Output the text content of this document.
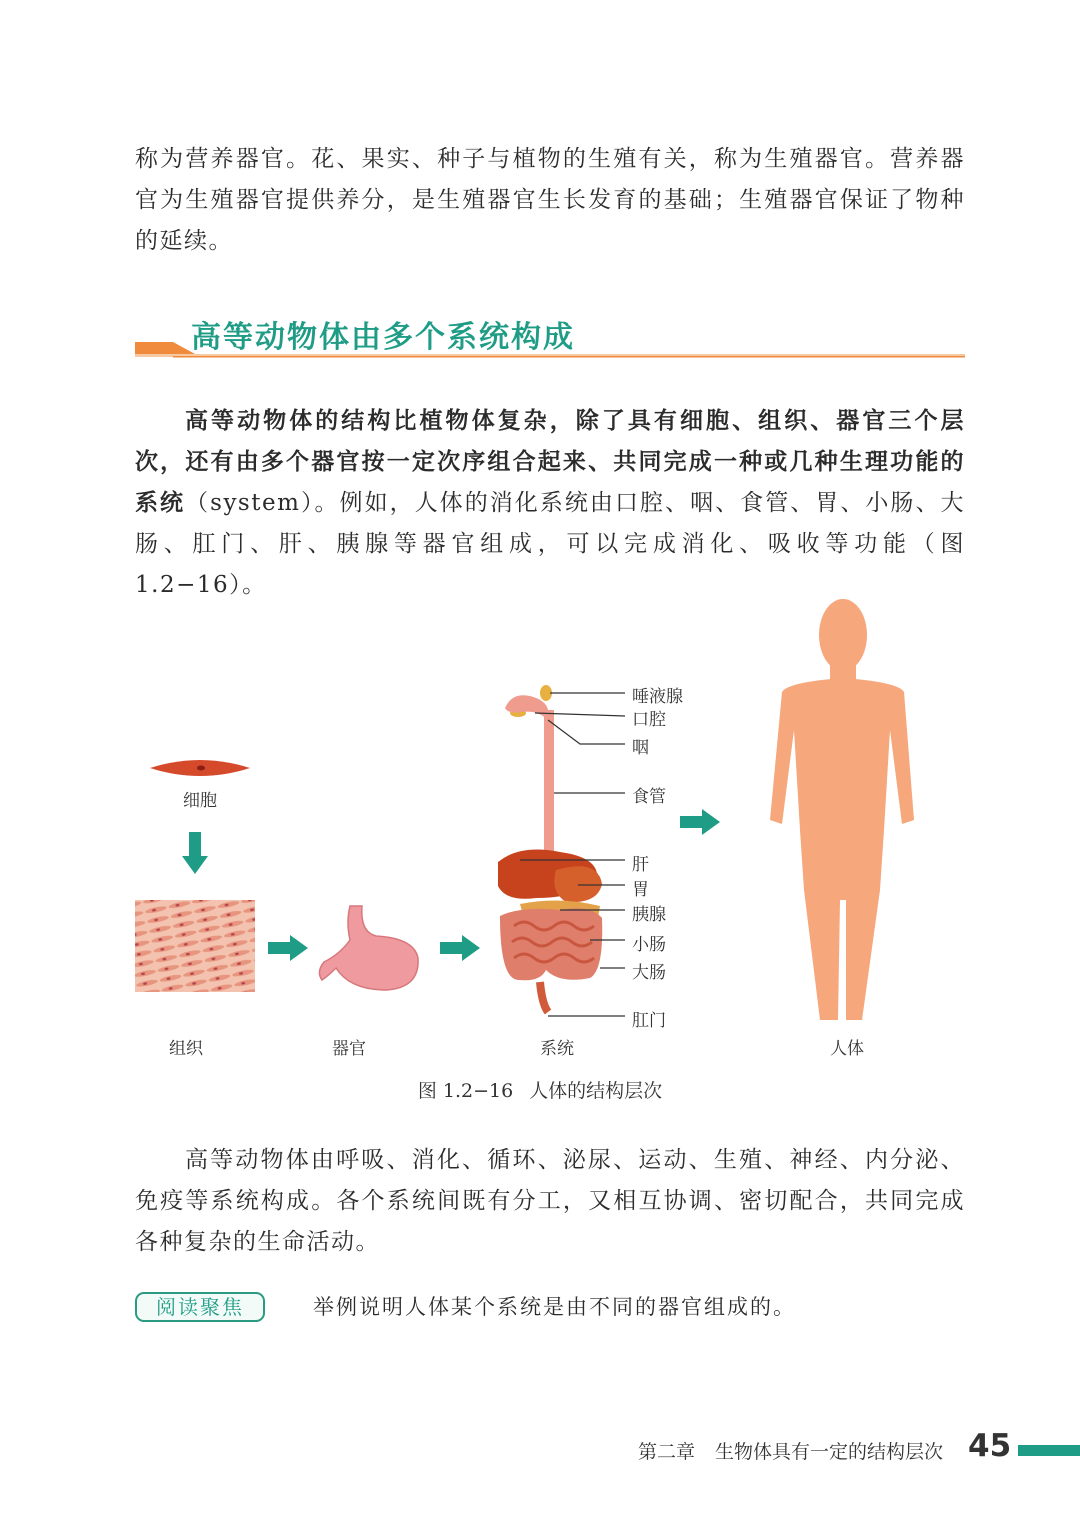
称为营养器官。花、果实、种子与植物的生殖有关，称为生殖器官。营养器官为生殖器官提供养分，是生殖器官生长发育的基础；生殖器官保证了物种的延续。

高等动物体由多个系统构成

高等动物体的结构比植物体复杂，除了具有细胞、组织、器官三个层次，还有由多个器官按一定次序组合起来、共同完成一种或几种生理功能的系统（system）。例如，人体的消化系统由口腔、咽、食管、胃、小肠、大肠、肛门、肝、胰腺等器官组成，可以完成消化、吸收等功能（图 1.2−16）。

细胞
组织	器官	系统	人体
唾液腺
口腔
咽
食管
肝
胃
胰腺
小肠
大肠
肛门
图 1.2−16 人体的结构层次

高等动物体由呼吸、消化、循环、泌尿、运动、生殖、神经、内分泌、免疫等系统构成。各个系统间既有分工，又相互协调、密切配合，共同完成各种复杂的生命活动。

阅读聚焦	举例说明人体某个系统是由不同的器官组成的。
第二章 生物体具有一定的结构层次 45
